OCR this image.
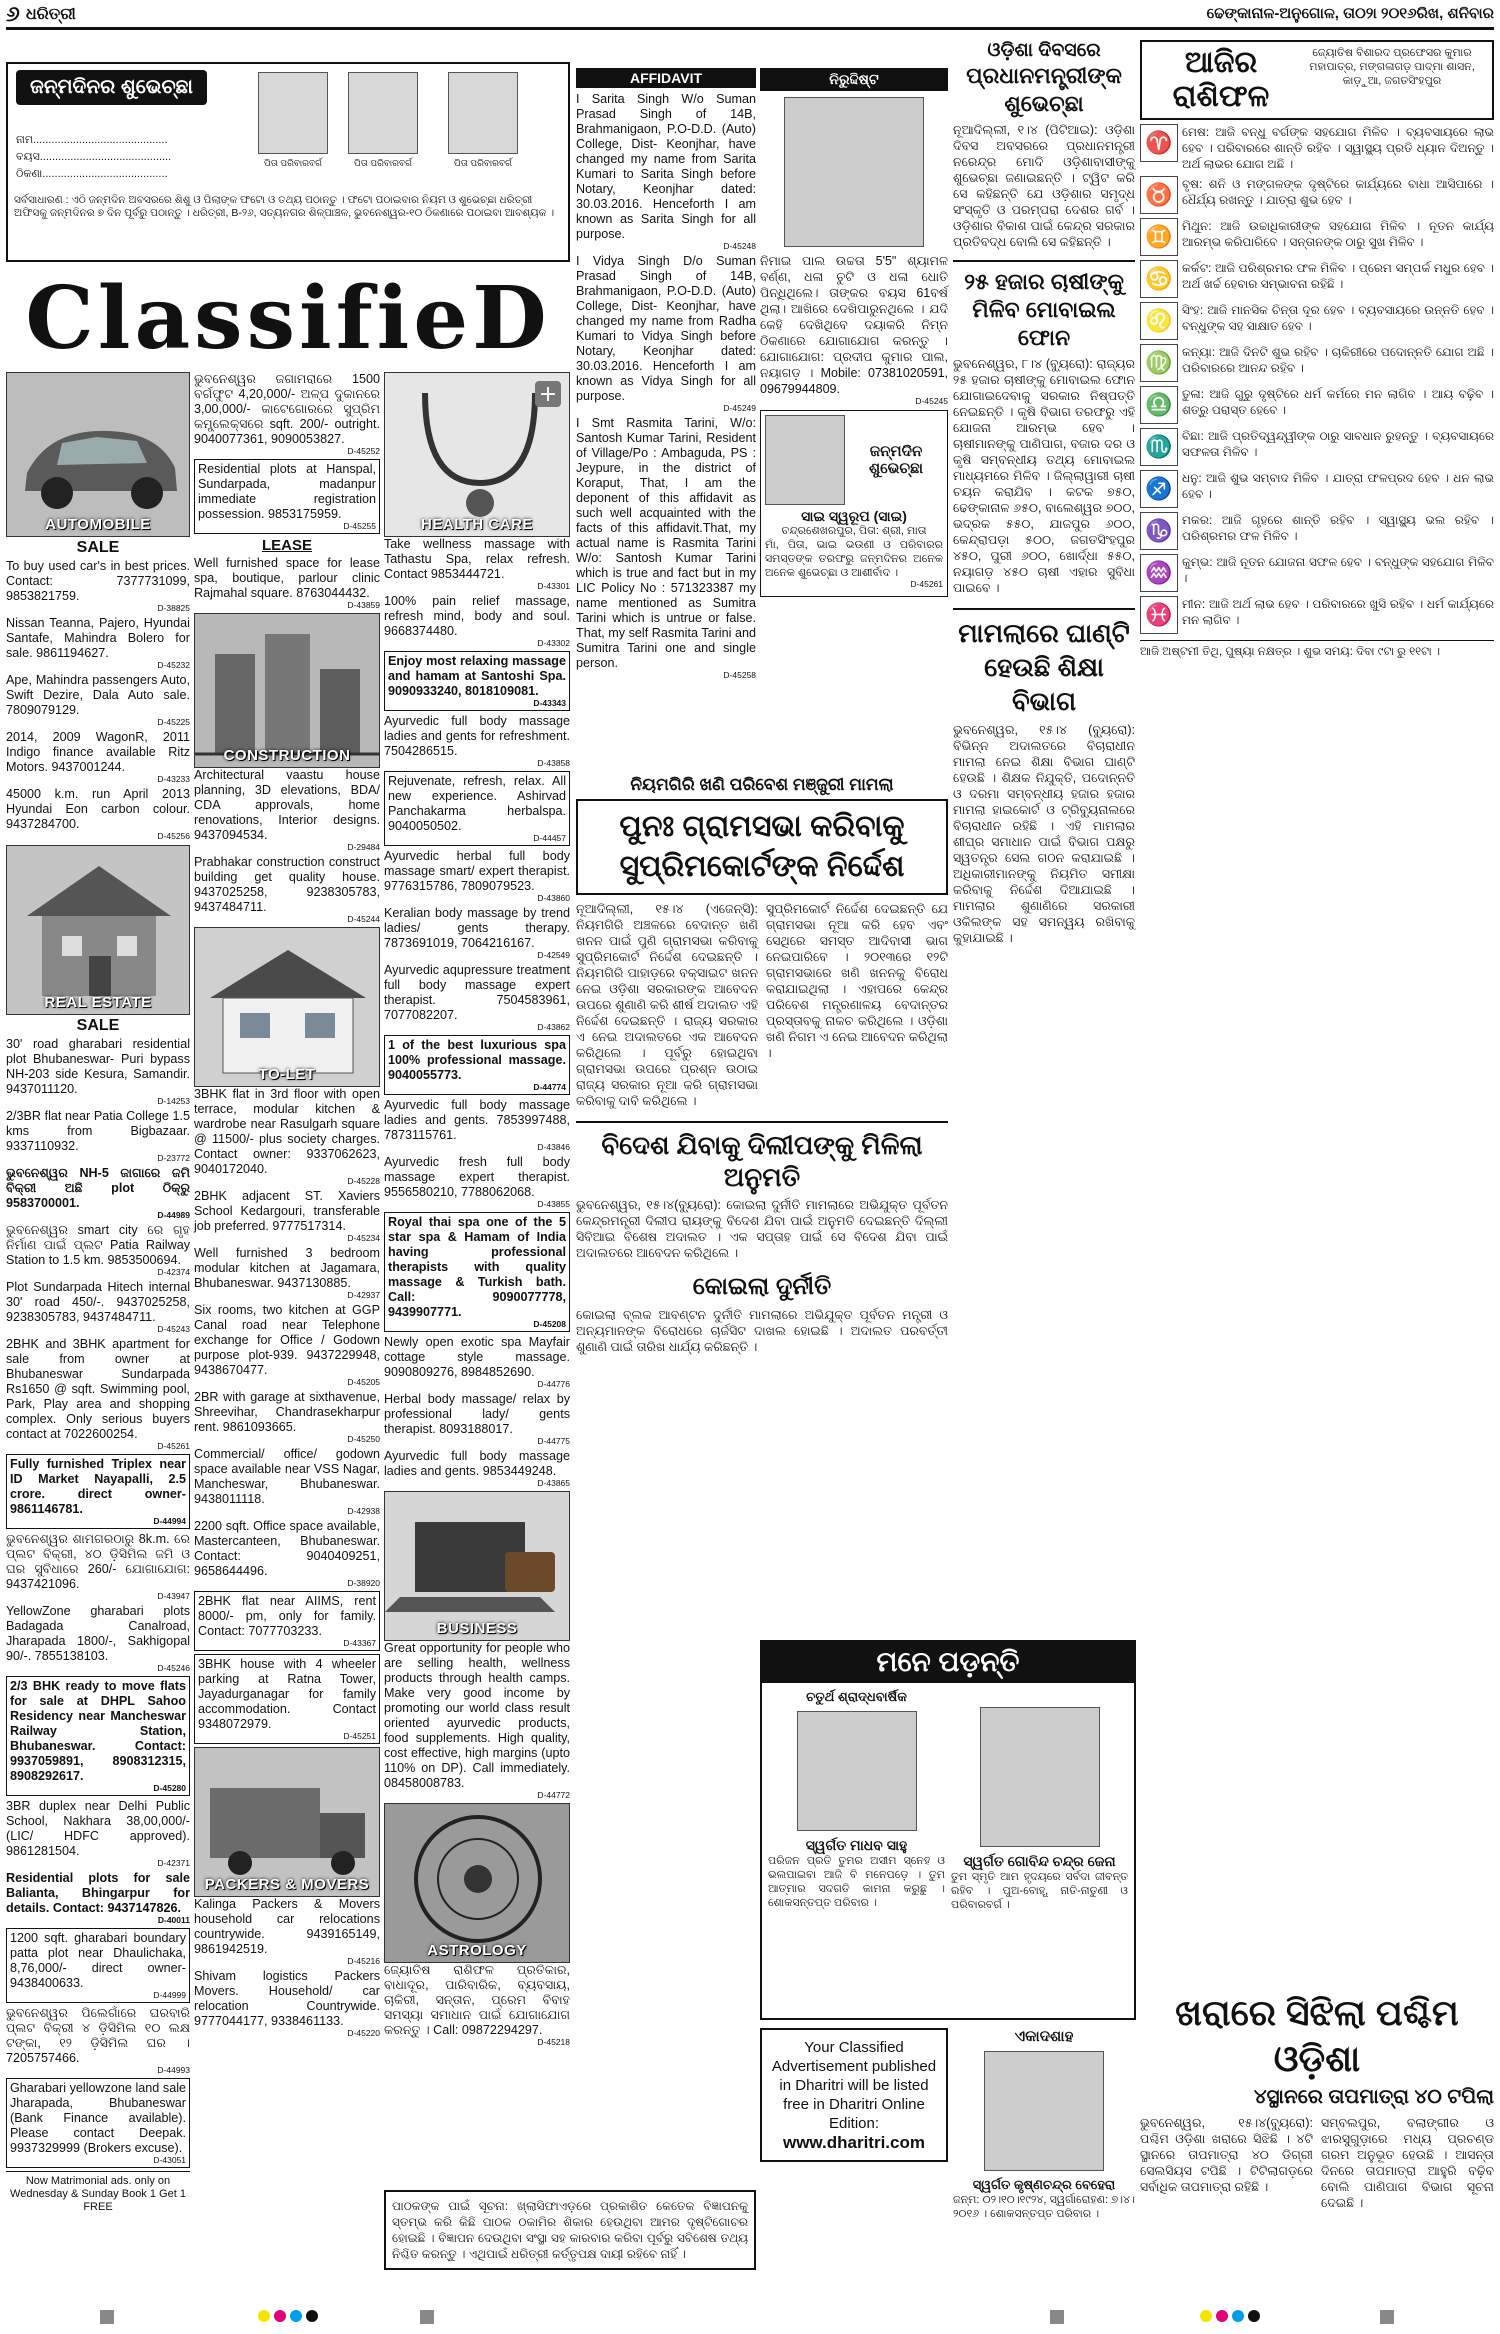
୬ ଧରିତ୍ରୀ	ଢେଙ୍କାନାଳ-ଅନୁଗୋଳ, ତା୦୨ା ୨୦୧୬ରିଖ, ଶନିବାର
ଜନ୍ମଦିନର ଶୁଭେଚ୍ଛା
ନାମ............................................
ବୟସ...........................................
ଠିକଣା.........................................
ପିତା ପରିବାରବର୍ଗ	ପିତା ପରିବାରବର୍ଗ	ପିତା ପରିବାରବର୍ଗ
ସର୍ବସାଧାରଣ : ଏଠି ଜନ୍ମଦିନ ଅବସରରେ ଶିଶୁ ଓ ପିଲାଙ୍କ ଫଟୋ ଓ ତଥ୍ୟ ପଠାନ୍ତୁ । ଫଟୋ ପଠାଇବାର ନିୟମ ଓ ଶୁଭେଚ୍ଛା ଧରିତ୍ରୀ ଅଫିସକୁ ଜନ୍ମଦିନର ୭ ଦିନ ପୂର୍ବରୁ ପଠାନ୍ତୁ । ଧରିତ୍ରୀ, B-୨୬, ସତ୍ୟନଗର ଶିଳ୍ପାଞ୍ଚଳ, ଭୁବନେଶ୍ୱର-୧୦ ଠିକଣାରେ ପଠାଇବା ଆବଶ୍ୟକ ।
ClassifieD
AUTOMOBILE
SALE
To buy used car's in best prices. Contact: 7377731099, 9853821759.
D-38825
Nissan Teanna, Pajero, Hyundai Santafe, Mahindra Bolero for sale. 9861194627.
D-45232
Ape, Mahindra passengers Auto, Swift Dezire, Dala Auto sale. 7809079129.
D-45225
2014, 2009 WagonR, 2011 Indigo finance available Ritz Motors. 9437001244.
D-43233
45000 k.m. run April 2013 Hyundai Eon carbon colour. 9437284700.
D-45256
REAL ESTATE
SALE
30' road gharabari residential plot Bhubaneswar- Puri bypass NH-203 side Kesura, Samandir. 9437011120.
D-14253
2/3BR flat near Patia College 1.5 kms from Bigbazaar. 9337110932.
D-23772
ଭୁବନେଶ୍ୱର NH-5 ଜାଗାରେ ଜମି ବିକ୍ରୀ ଅଛି plot ଠିକ୍ରୁ 9583700001.
D-44989
ଭୁବନେଶ୍ୱର smart city ରେ ଗୃହ ନିର୍ମାଣ ପାଇଁ ପ୍ଲଟ Patia Railway Station to 1.5 km. 9853500694.
D-42374
Plot Sundarpada Hitech internal 30' road 450/-. 9437025258, 9238305783, 9437484711.
D-45243
2BHK and 3BHK apartment for sale from owner at Bhubaneswar Sundarpada Rs1650 @ sqft. Swimming pool, Park, Play area and shopping complex. Only serious buyers contact at 7022600254.
D-45261
Fully furnished Triplex near ID Market Nayapalli, 2.5 crore. direct owner- 9861146781.
D-44994
ଭୁବନେଶ୍ୱର ଶାମଗରଠାରୁ 8k.m. ରେ ପ୍ଲଟ ବିକ୍ରୀ, ୪୦ ଡ଼ିସିମିଲ ଜମି ଓ ଘର ସୁବିଧାରେ 260/- ଯୋଗାଯୋଗ: 9437421096.
D-43947
YellowZone gharabari plots Badagada Canalroad, Jharapada 1800/-, Sakhigopal 90/-. 7855138103.
D-45246
2/3 BHK ready to move flats for sale at DHPL Sahoo Residency near Mancheswar Railway Station, Bhubaneswar. Contact: 9937059891, 8908312315, 8908292617.
D-45280
3BR duplex near Delhi Public School, Nakhara 38,00,000/- (LIC/ HDFC approved). 9861281504.
D-42371
Residential plots for sale Balianta, Bhingarpur for details. Contact: 9437147826.
D-40011
1200 sqft. gharabari boundary patta plot near Dhaulichaka, 8,76,000/- direct owner- 9438400633.
D-44999
ଭୁବନେଶ୍ୱର ପିଲେଗାଁରେ ଘରବାରି ପ୍ଲଟ ବିକ୍ରୀ ୪ ଡ଼ିସିମିଲ ୧୦ ଲକ୍ଷ ଟଙ୍କା, ୧୨ ଡ଼ିସିମିଲ ଘର । 7205757466.
D-44993
Gharabari yellowzone land sale Jharapada, Bhubaneswar (Bank Finance available). Please contact Deepak. 9937329999 (Brokers excuse).
D-43051
Now Matrimonial ads. only on Wednesday & Sunday Book 1 Get 1 FREE
ଭୁବନେଶ୍ୱର ଜଗାମରାରେ 1500 ବର୍ଗଫୁଟ 4,20,000/- ଅଳ୍ପ ଦୁକାନରେ 3,00,000/- କାଟେଗୋରରେ ସୁପ୍ରିମ କମ୍ପ୍ଲେକ୍ସରେ sqft. 200/- outright. 9040077361, 9090053827.
D-45252
Residential plots at Hanspal, Sundarpada, madanpur immediate registration possession. 9853175959.
D-45255
LEASE
Well furnished space for lease spa, boutique, parlour clinic Rajmahal square. 8763044432.
D-43859
CONSTRUCTION
Architectural vaastu house planning, 3D elevations, BDA/ CDA approvals, home renovations, Interior designs. 9437094534.
D-29484
Prabhakar construction construct building get quality house. 9437025258, 9238305783, 9437484711.
D-45244
TO-LET
3BHK flat in 3rd floor with open terrace, modular kitchen & wardrobe near Rasulgarh square @ 11500/- plus society charges. Contact owner: 9337062623, 9040172040.
D-45228
2BHK adjacent ST. Xaviers School Kedargouri, transferable job preferred. 9777517314.
D-45234
Well furnished 3 bedroom modular kitchen at Jagamara, Bhubaneswar. 9437130885.
D-42937
Six rooms, two kitchen at GGP Canal road near Telephone exchange for Office / Godown purpose plot-939. 9437229948, 9438670477.
D-45205
2BR with garage at sixthavenue, Shreevihar, Chandrasekharpur rent. 9861093665.
D-45250
Commercial/ office/ godown space available near VSS Nagar, Mancheswar, Bhubaneswar. 9438011118.
D-42938
2200 sqft. Office space available, Mastercanteen, Bhubaneswar. Contact: 9040409251, 9658644496.
D-38920
2BHK flat near AIIMS, rent 8000/- pm, only for family. Contact: 7077703233.
D-43367
3BHK house with 4 wheeler parking at Ratna Tower, Jayadurganagar for family accommodation. Contact 9348072979.
D-45251
PACKERS & MOVERS
Kalinga Packers & Movers household car relocations countrywide. 9439165149, 9861942519.
D-45216
Shivam logistics Packers Movers. Household/ car relocation Countrywide. 9777044177, 9338461133.
D-45220
+
HEALTH CARE
Take wellness massage with Tathastu Spa, relax refresh. Contact 9853444721.
D-43301
100% pain relief massage, refresh mind, body and soul. 9668374480.
D-43302
Enjoy most relaxing massage and hamam at Santoshi Spa. 9090933240, 8018109081.
D-43343
Ayurvedic full body massage ladies and gents for refreshment. 7504286515.
D-43858
Rejuvenate, refresh, relax. All new experience. Ashirvad Panchakarma herbalspa. 9040050502.
D-44457
Ayurvedic herbal full body massage smart/ expert therapist. 9776315786, 7809079523.
D-43860
Keralian body massage by trend ladies/ gents therapy. 7873691019, 7064216167.
D-42549
Ayurvedic aqupressure treatment full body massage expert therapist. 7504583961, 7077082207.
D-43862
1 of the best luxurious spa 100% professional massage. 9040055773.
D-44774
Ayurvedic full body massage ladies and gents. 7853997488, 7873115761.
D-43846
Ayurvedic fresh full body massage expert therapist. 9556580210, 7788062068.
D-43855
Royal thai spa one of the 5 star spa & Hamam of India having professional therapists with quality massage & Turkish bath. Call: 9090077778, 9439907771.
D-45208
Newly open exotic spa Mayfair cottage style massage. 9090809276, 8984852690.
D-44776
Herbal body massage/ relax by professional lady/ gents therapist. 8093188017.
D-44775
Ayurvedic full body massage ladies and gents. 9853449248.
D-43865
BUSINESS
Great opportunity for people who are selling health, wellness products through health camps. Make very good income by promoting our world class result oriented ayurvedic products, food supplements. High quality, cost effective, high margins (upto 110% on DP). Call immediately. 08458008783.
D-44772
ASTROLOGY
ଜ୍ୟୋତିଷ ରାଶିଫଳ ପ୍ରତିକାର, ବାଧାଦୂର, ପାରିବାରିକ, ବ୍ୟବସାୟ, ଚାକିରୀ, ସନ୍ତାନ, ପ୍ରେମ ବିବାହ ସମସ୍ୟା ସମାଧାନ ପାଇଁ ଯୋଗାଯୋଗ କରନ୍ତୁ । Call: 09872294297.
D-45218
AFFIDAVIT
I Sarita Singh W/o Suman Prasad Singh of 14B, Brahmanigaon, P.O-D.D. (Auto) College, Dist- Keonjhar, have changed my name from Sarita Kumari to Sarita Singh before Notary, Keonjhar dated: 30.03.2016. Henceforth I am known as Sarita Singh for all purpose.
D-45248
I Vidya Singh D/o Suman Prasad Singh of 14B, Brahmanigaon, P.O-D.D. (Auto) College, Dist- Keonjhar, have changed my name from Radha Kumari to Vidya Singh before Notary, Keonjhar dated: 30.03.2016. Henceforth I am known as Vidya Singh for all purpose.
D-45249
I Smt Rasmita Tarini, W/o: Santosh Kumar Tarini, Resident of Village/Po : Ambaguda, PS : Jeypure, in the district of Koraput, That, I am the deponent of this affidavit as such well acquainted with the facts of this affidavit.That, my actual name is Rasmita Tarini W/o: Santosh Kumar Tarini which is true and fact but in my LIC Policy No : 571323387 my name mentioned as Sumitra Tarini which is untrue or false. That, my self Rasmita Tarini and Sumitra Tarini one and single person.
D-45258
ନିରୁଦ୍ଦିଷ୍ଟ
ନିମାଇ ପାଲ ଉଚ୍ଚତା 5'5" ଶ୍ୟାମଳ ବର୍ଣ୍ଣ, ଧଳା ଚୁଟି ଓ ଧଳା ଧୋତି ପିନ୍ଧିଥିଲେ। ତାଙ୍କର ବୟସ 61ବର୍ଷ ଥିଲା। ଆଖିରେ ଦେଖିପାରୁନଥିଲେ । ଯଦି କେହି ଦେଖିଥିବେ ଦୟାକରି ନିମ୍ନ ଠିକଣାରେ ଯୋଗାଯୋଗ କରନ୍ତୁ । ଯୋଗାଯୋଗ: ପ୍ରଦୀପ କୁମାର ପାଲ, ନୟାଗଡ଼ । Mobile: 07381020591, 09679944809.
D-45245
ଜନ୍ମଦିନ ଶୁଭେଚ୍ଛା
ସାଇ ସ୍ୱରୂପ (ସାଇ)
ଚନ୍ଦ୍ରଶେଖରପୁର, ପିତା: ଶ୍ରୀ, ମାତା
ମାଁ, ପିତା, ଭାଇ ଭଉଣୀ ଓ ପରିବାରର ସମସ୍ତଙ୍କ ତରଫରୁ ଜନ୍ମଦିନର ଅନେକ ଅନେକ ଶୁଭେଚ୍ଛା ଓ ଆଶୀର୍ବାଦ ।
D-45261
ନିୟମଗିରି ଖଣି ପରିବେଶ ମଞ୍ଜୁରୀ ମାମଲା
ପୁନଃ ଗ୍ରାମସଭା କରିବାକୁ ସୁପ୍ରିମକୋର୍ଟଙ୍କ ନିର୍ଦ୍ଦେଶ
ନୂଆଦିଲ୍ଲୀ, ୧୫।୪ (ଏଜେନ୍ସି): ନିୟମଗିରି ଅଞ୍ଚଳରେ ବେଦାନ୍ତ ଖଣି ଖନନ ପାଇଁ ପୁଣି ଗ୍ରାମସଭା କରିବାକୁ ସୁପ୍ରିମକୋର୍ଟ ନିର୍ଦ୍ଦେଶ ଦେଇଛନ୍ତି । ନିୟମଗିରି ପାହାଡ଼ରେ ବକ୍ସାଇଟ ଖନନ ନେଇ ଓଡ଼ିଶା ସରକାରଙ୍କ ଆବେଦନ ଉପରେ ଶୁଣାଣି କରି ଶୀର୍ଷ ଅଦାଲତ ଏହି ନିର୍ଦ୍ଦେଶ ଦେଇଛନ୍ତି । ରାଜ୍ୟ ସରକାର ଏ ନେଇ ଅଦାଲତରେ ଏକ ଆବେଦନ କରିଥିଲେ । ପୂର୍ବରୁ ହୋଇଥିବା ଗ୍ରାମସଭା ଉପରେ ପ୍ରଶ୍ନ ଉଠାଇ ରାଜ୍ୟ ସରକାର ନୂଆ କରି ଗ୍ରାମସଭା କରିବାକୁ ଦାବି କରିଥିଲେ ।
ସୁପ୍ରିମକୋର୍ଟ ନିର୍ଦ୍ଦେଶ ଦେଇଛନ୍ତି ଯେ ଗ୍ରାମସଭା ନୂଆ କରି ହେବ ଏବଂ ସେଥିରେ ସମସ୍ତ ଆଦିବାସୀ ଭାଗ ନେଇପାରିବେ । ୨୦୧୩ରେ ୧୨ଟି ଗ୍ରାମସଭାରେ ଖଣି ଖନନକୁ ବିରୋଧ କରାଯାଇଥିଲା । ଏହାପରେ କେନ୍ଦ୍ର ପରିବେଶ ମନ୍ତ୍ରଣାଳୟ ବେଦାନ୍ତର ପ୍ରସ୍ତାବକୁ ନାକଚ କରିଥିଲେ । ଓଡ଼ିଶା ଖଣି ନିଗମ ଏ ନେଇ ଆବେଦନ କରିଥିଲା ।
ବିଦେଶ ଯିବାକୁ ଦିଲୀପଙ୍କୁ ମିଳିଲା ଅନୁମତି
ଭୁବନେଶ୍ୱର, ୧୫।୪(ବ୍ୟୁରୋ): କୋଇଲା ଦୁର୍ନୀତି ମାମଲାରେ ଅଭିଯୁକ୍ତ ପୂର୍ବତନ କେନ୍ଦ୍ରମନ୍ତ୍ରୀ ଦିଲୀପ ରାୟଙ୍କୁ ବିଦେଶ ଯିବା ପାଇଁ ଅନୁମତି ଦେଇଛନ୍ତି ଦିଲ୍ଲୀ ସିବିଆଇ ବିଶେଷ ଅଦାଲତ । ଏକ ସପ୍ତାହ ପାଇଁ ସେ ବିଦେଶ ଯିବା ପାଇଁ ଅଦାଲତରେ ଆବେଦନ କରିଥିଲେ ।
କୋଇଲା ଦୁର୍ନୀତି
କୋଇଲା ବ୍ଲକ ଆବଣ୍ଟନ ଦୁର୍ନୀତି ମାମଲାରେ ଅଭିଯୁକ୍ତ ପୂର୍ବତନ ମନ୍ତ୍ରୀ ଓ ଅନ୍ୟମାନଙ୍କ ବିରୋଧରେ ଚାର୍ଜସିଟ ଦାଖଲ ହୋଇଛି । ଅଦାଲତ ପରବର୍ତ୍ତୀ ଶୁଣାଣି ପାଇଁ ତାରିଖ ଧାର୍ଯ୍ୟ କରିଛନ୍ତି ।
ମନେ ପଡ଼ନ୍ତି
ଚତୁର୍ଥ ଶ୍ରାଦ୍ଧବାର୍ଷିକ
ସ୍ୱର୍ଗତ ମାଧବ ସାହୁ
ପରିଜନ ପ୍ରତି ତୁମର ଅସୀମ ସ୍ନେହ ଓ ଭଲପାଇବା ଆଜି ବି ମନେପଡ଼େ । ତୁମ ଆତ୍ମାର ସଦଗତି କାମନା କରୁଛୁ । ଶୋକସନ୍ତପ୍ତ ପରିବାର ।
ସ୍ୱର୍ଗତ ଗୋବିନ୍ଦ ଚନ୍ଦ୍ର ଜେନା
ତୁମ ସ୍ମୃତି ଆମ ହୃଦୟରେ ସର୍ବଦା ଜୀବନ୍ତ ରହିବ । ପୁଅ-ବୋହୂ, ନାତି-ନାତୁଣୀ ଓ ପରିବାରବର୍ଗ ।
Your Classified Advertisement published in Dharitri will be listed free in Dharitri Online Edition:
www.dharitri.com
ଏକାଦଶାହ
ସ୍ୱର୍ଗତ କୃଷ୍ଣଚନ୍ଦ୍ର ବେହେରା
ଜନ୍ମ: ୦୨।୧୦।୧୯୨୪, ସ୍ୱର୍ଗାରୋହଣ: ୭।୪।୨୦୧୬ । ଶୋକସନ୍ତପ୍ତ ପରିବାର ।
ଓଡ଼ିଶା ଦିବସରେ
ପ୍ରଧାନମନ୍ତ୍ରୀଙ୍କ ଶୁଭେଚ୍ଛା
ନୂଆଦିଲ୍ଲୀ, ୧।୪ (ପିଟିଆଇ): ଓଡ଼ିଶା ଦିବସ ଅବସରରେ ପ୍ରଧାନମନ୍ତ୍ରୀ ନରେନ୍ଦ୍ର ମୋଦି ଓଡ଼ିଶାବାସୀଙ୍କୁ ଶୁଭେଚ୍ଛା ଜଣାଇଛନ୍ତି । ଟ୍ୱିଟ କରି ସେ କହିଛନ୍ତି ଯେ ଓଡ଼ିଶାର ସମୃଦ୍ଧ ସଂସ୍କୃତି ଓ ପରମ୍ପରା ଦେଶର ଗର୍ବ । ଓଡ଼ିଶାର ବିକାଶ ପାଇଁ କେନ୍ଦ୍ର ସରକାର ପ୍ରତିବଦ୍ଧ ବୋଲି ସେ କହିଛନ୍ତି ।
୨୫ ହଜାର ଚାଷୀଙ୍କୁ ମିଳିବ ମୋବାଇଲ ଫୋନ
ଭୁବନେଶ୍ୱର, ୮।୪ (ବ୍ୟୁରୋ): ରାଜ୍ୟର ୨୫ ହଜାର ଚାଷୀଙ୍କୁ ମୋବାଇଲ ଫୋନ ଯୋଗାଇଦେବାକୁ ସରକାର ନିଷ୍ପତ୍ତି ନେଇଛନ୍ତି । କୃଷି ବିଭାଗ ତରଫରୁ ଏହି ଯୋଜନା ଆରମ୍ଭ ହେବ । ଚାଷୀମାନଙ୍କୁ ପାଣିପାଗ, ବଜାର ଦର ଓ କୃଷି ସମ୍ବନ୍ଧୀୟ ତଥ୍ୟ ମୋବାଇଲ ମାଧ୍ୟମରେ ମିଳିବ । ଜିଲ୍ଲାୱାରୀ ଚାଷୀ ଚୟନ କରାଯିବ । କଟକ ୭୫୦, ଢେଙ୍କାନାଳ ୬୫୦, ବାଲେଶ୍ୱର ୭୦୦, ଭଦ୍ରକ ୫୫୦, ଯାଜପୁର ୬୦୦, କେନ୍ଦ୍ରାପଡ଼ା ୫୦୦, ଜଗତସିଂହପୁର ୪୫୦, ପୁରୀ ୬୦୦, ଖୋର୍ଦ୍ଧା ୫୫୦, ନୟାଗଡ଼ ୪୫୦ ଚାଷୀ ଏହାର ସୁବିଧା ପାଇବେ ।
ମାମଲାରେ ଘାଣ୍ଟି ହେଉଛି ଶିକ୍ଷା ବିଭାଗ
ଭୁବନେଶ୍ୱର, ୧୫।୪ (ବ୍ୟୁରୋ): ବିଭିନ୍ନ ଅଦାଲତରେ ବିଚାରାଧୀନ ମାମଲା ନେଇ ଶିକ୍ଷା ବିଭାଗ ଘାଣ୍ଟି ହେଉଛି । ଶିକ୍ଷକ ନିଯୁକ୍ତି, ପଦୋନ୍ନତି ଓ ଦରମା ସମ୍ବନ୍ଧୀୟ ହଜାର ହଜାର ମାମଲା ହାଇକୋର୍ଟ ଓ ଟ୍ରିବ୍ୟୁନାଲରେ ବିଚାରାଧୀନ ରହିଛି । ଏହି ମାମଲାର ଶୀଘ୍ର ସମାଧାନ ପାଇଁ ବିଭାଗ ପକ୍ଷରୁ ସ୍ୱତନ୍ତ୍ର ସେଲ ଗଠନ କରାଯାଇଛି । ଅଧିକାରୀମାନଙ୍କୁ ନିୟମିତ ସମୀକ୍ଷା କରିବାକୁ ନିର୍ଦ୍ଦେଶ ଦିଆଯାଇଛି । ମାମଲାର ଶୁଣାଣିରେ ସରକାରୀ ଓକିଲଙ୍କ ସହ ସମନ୍ୱୟ ରଖିବାକୁ କୁହାଯାଇଛି ।
ଆଜିର ରାଶିଫଳ
ଜ୍ୟୋତିଷ ବିଶାରଦ ପ୍ରଫେସର କୁମାର ମହାପାତ୍ର, ମଙ୍ଗଳାଗଡ଼ ପାଦ୍ମା ଶାସନ, କାଡ଼ୁଆ, ଜଗତସିଂହପୁର
♈ ମେଷ: ଆଜି ବନ୍ଧୁ ବର୍ଗଙ୍କ ସହଯୋଗ ମିଳିବ । ବ୍ୟବସାୟରେ ଲାଭ ହେବ । ପରିବାରରେ ଶାନ୍ତି ରହିବ । ସ୍ୱାସ୍ଥ୍ୟ ପ୍ରତି ଧ୍ୟାନ ଦିଅନ୍ତୁ । ଅର୍ଥ ଲାଭର ଯୋଗ ଅଛି ।
♉ ବୃଷ: ଶନି ଓ ମଙ୍ଗଳଙ୍କ ଦୃଷ୍ଟିରେ କାର୍ଯ୍ୟରେ ବାଧା ଆସିପାରେ । ଧୈର୍ଯ୍ୟ ରଖନ୍ତୁ । ଯାତ୍ରା ଶୁଭ ହେବ ।
♊ ମିଥୁନ: ଆଜି ଉଚ୍ଚାଧିକାରୀଙ୍କ ସହଯୋଗ ମିଳିବ । ନୂତନ କାର୍ଯ୍ୟ ଆରମ୍ଭ କରିପାରିବେ । ସନ୍ତାନଙ୍କ ଠାରୁ ସୁଖ ମିଳିବ ।
♋ କର୍କଟ: ଆଜି ପରିଶ୍ରମର ଫଳ ମିଳିବ । ପ୍ରେମ ସମ୍ପର୍କ ମଧୁର ହେବ । ଅର୍ଥ ଖର୍ଚ୍ଚ ହେବାର ସମ୍ଭାବନା ରହିଛି ।
♌ ସିଂହ: ଆଜି ମାନସିକ ଚିନ୍ତା ଦୂର ହେବ । ବ୍ୟବସାୟରେ ଉନ୍ନତି ହେବ । ବନ୍ଧୁଙ୍କ ସହ ସାକ୍ଷାତ ହେବ ।
♍ କନ୍ୟା: ଆଜି ଦିନଟି ଶୁଭ ରହିବ । ଚାକିରୀରେ ପଦୋନ୍ନତି ଯୋଗ ଅଛି । ପରିବାରରେ ଆନନ୍ଦ ରହିବ ।
♎ ତୁଳା: ଆଜି ଗୁରୁ ଦୃଷ୍ଟିରେ ଧର୍ମ କର୍ମରେ ମନ ଲାଗିବ । ଆୟ ବଢ଼ିବ । ଶତ୍ରୁ ପରାସ୍ତ ହେବେ ।
♏ ବିଛା: ଆଜି ପ୍ରତିଦ୍ୱନ୍ଦ୍ୱୀଙ୍କ ଠାରୁ ସାବଧାନ ରୁହନ୍ତୁ । ବ୍ୟବସାୟରେ ସଫଳତା ମିଳିବ ।
♐ ଧନୁ: ଆଜି ଶୁଭ ସମ୍ବାଦ ମିଳିବ । ଯାତ୍ରା ଫଳପ୍ରଦ ହେବ । ଧନ ଲାଭ ହେବ ।
♑ ମକର: ଆଜି ଗୃହରେ ଶାନ୍ତି ରହିବ । ସ୍ୱାସ୍ଥ୍ୟ ଭଲ ରହିବ । ପରିଶ୍ରମର ଫଳ ମିଳିବ ।
♒ କୁମ୍ଭ: ଆଜି ନୂତନ ଯୋଜନା ସଫଳ ହେବ । ବନ୍ଧୁଙ୍କ ସହଯୋଗ ମିଳିବ ।
♓ ମୀନ: ଆଜି ଅର୍ଥ ଲାଭ ହେବ । ପରିବାରରେ ଖୁସି ରହିବ । ଧର୍ମ କାର୍ଯ୍ୟରେ ମନ ଲାଗିବ ।
ଆଜି ଅଷ୍ଟମୀ ତିଥି, ପୁଷ୍ୟା ନକ୍ଷତ୍ର । ଶୁଭ ସମୟ: ଦିବା ୯ଟା ରୁ ୧୧ଟା ।
ଖରାରେ ସିଝିଲା ପଶ୍ଚିମ ଓଡ଼ିଶା
୪ସ୍ଥାନରେ ତାପମାତ୍ରା ୪୦ ଟପିଲା
ଭୁବନେଶ୍ୱର, ୧୫।୪(ବ୍ୟୁରୋ): ପଶ୍ଚିମ ଓଡ଼ିଶା ଖରାରେ ସିଝିଛି । ୪ଟି ସ୍ଥାନରେ ତାପମାତ୍ରା ୪୦ ଡିଗ୍ରୀ ସେଲସିୟସ ଟପିଛି । ଟିଟିଲାଗଡ଼ରେ ସର୍ବାଧିକ ତାପମାତ୍ରା ରହିଛି ।
ସମ୍ବଲପୁର, ବଲାଙ୍ଗୀର ଓ ଝାରସୁଗୁଡ଼ାରେ ମଧ୍ୟ ପ୍ରଚଣ୍ଡ ଗରମ ଅନୁଭୂତ ହେଉଛି । ଆସନ୍ତା ଦିନରେ ତାପମାତ୍ରା ଆହୁରି ବଢ଼ିବ ବୋଲି ପାଣିପାଗ ବିଭାଗ ସୂଚନା ଦେଇଛି ।
ପାଠକଙ୍କ ପାଇଁ ସୂଚନା: ଖ୍ଲାସିଫାଏଡ଼ରେ ପ୍ରକାଶିତ କେତେକ ବିଜ୍ଞାପନକୁ ସ୍ତମ୍ଭ କରି କିଛି ପାଠକ ଠକାମିର ଶିକାର ହେଉଥିବା ଆମର ଦୃଷ୍ଟିଗୋଚର ହୋଇଛି । ବିଜ୍ଞାପନ ଦେଉଥିବା ସଂସ୍ଥା ସହ କାରବାର କରିବା ପୂର୍ବରୁ ସବିଶେଷ ତଥ୍ୟ ନିଶ୍ଚିତ କରନ୍ତୁ । ଏଥିପାଇଁ ଧରିତ୍ରୀ କର୍ତ୍ତୃପକ୍ଷ ଦାୟୀ ରହିବେ ନାହିଁ ।
